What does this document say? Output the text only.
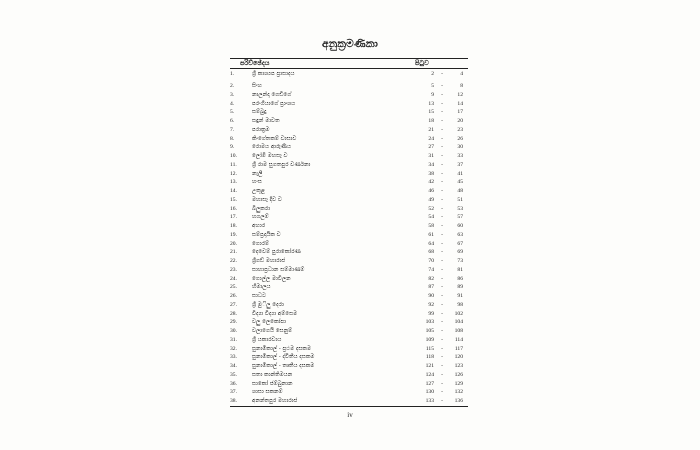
අනුක්‍රමණිකා
පරිච්ඡේදය	පිටුව
1.	ශ්‍රී කාශ්‍යප ප්‍රාසාදය	2	4
-
2.	සිංහ	5	8
-
3.	නාලන්දා ගෙඩිගේ	9	12
-
4.	පරංගියාගේ ප්‍රාංශය	13	14
-
5.	සම්බුදු	15	17
-
6.	සඳුන් මාවත	18	20
-
7.	පරාක්‍රම	21	23
-
8.	කිංගේතකම් වාසාව	24	26
-
9.	රොමය ආරුණිය	27	30
-
10.	ලෝමී මහසෑ ව	31	33
-
11.	ශ්‍රී රාම සුගතපුර වර්ණනා	34	37
-
12.	නැලී	38	41
-
13.	හංස	42	45
-
14.	උකුළ	46	48
-
15.	මහාසෑ දිව ව	49	51
-
16.	බිලුකරා	52	53
-
17.	හගලම්	54	57
-
18.	අහාර	58	60
-
19.	සම්ප්‍රදායික ව	61	63
-
20.	ගොරම්	64	67
-
21.	දෙවෙම් පුරාකෝරණ	68	69
-
22.	ශ්‍රීගඞ් මහාරාජ	70	73
-
23.	සාහාප්‍රධාන සම්මාණම්	74	81
-
24.	ගොල්ල මාවීලන	82	86
-
25.	හිමාලය	87	89
-
26.	සාධට	90	91
-
27.	ශ්‍රී මුිලු දෙරා	92	98
-
28.	විද්‍යා විද්‍යා අම්සෙම	99	102
-
29.	වලු ලෙකෝපා	103	104
-
30.	වලාගෙයි සෙනුම්	105	108
-
31.	ශ්‍රී යකාරවාය	109	114
-
32.	සුනාමිකාල් - ප්‍රථම දසකම	115	117
-
33.	සුනාමිකාල් - ද්විතීය දසකම	118	120
-
34.	සුනාමිකාල් - තෘතීය දසකම	121	123
-
35.	සතා කාන්තිමයන	124	126
-
36.	සාකෝ ජම්බුනාන	127	129
-
37.	ශාසා සකනම්	130	132
-
38.	අනන්තපුර මහාරාජ	133	136
-
iv
